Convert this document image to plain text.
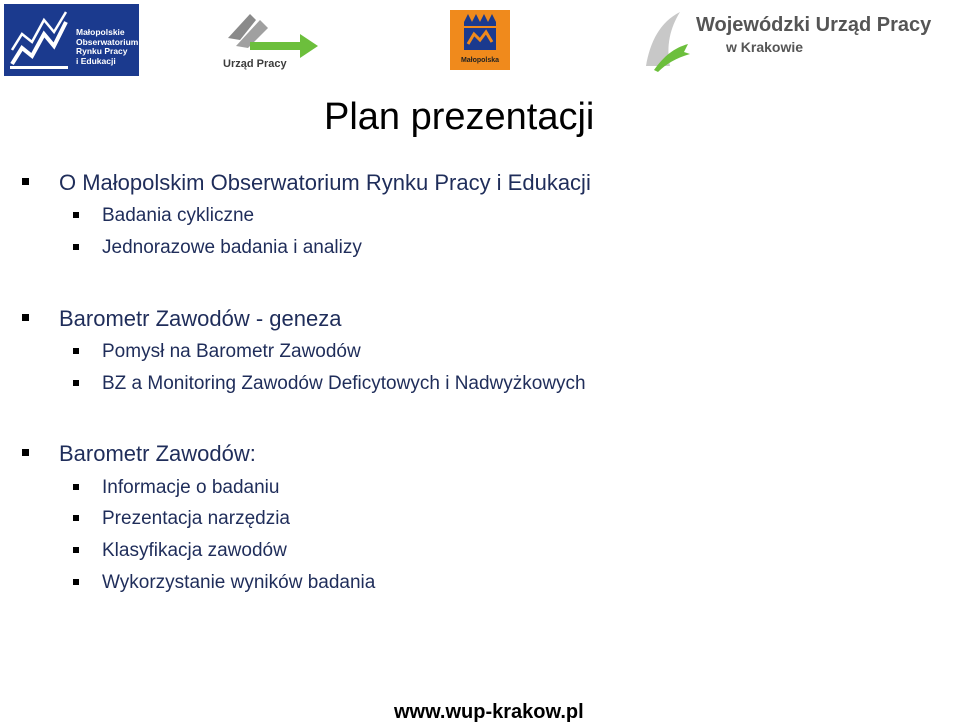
Małopolskie
Obserwatorium
Rynku Pracy
i Edukacji	Urząd Pracy	Małopolska
Wojewódzki Urząd Pracy
w Krakowie
Plan prezentacji
O Małopolskim Obserwatorium Rynku Pracy i Edukacji
Badania cykliczne
Jednorazowe badania i analizy
Barometr Zawodów - geneza
Pomysł na Barometr Zawodów
BZ a Monitoring Zawodów Deficytowych i Nadwyżkowych
Barometr Zawodów:
Informacje o badaniu
Prezentacja narzędzia
Klasyfikacja zawodów
Wykorzystanie wyników badania
www.wup-krakow.pl
